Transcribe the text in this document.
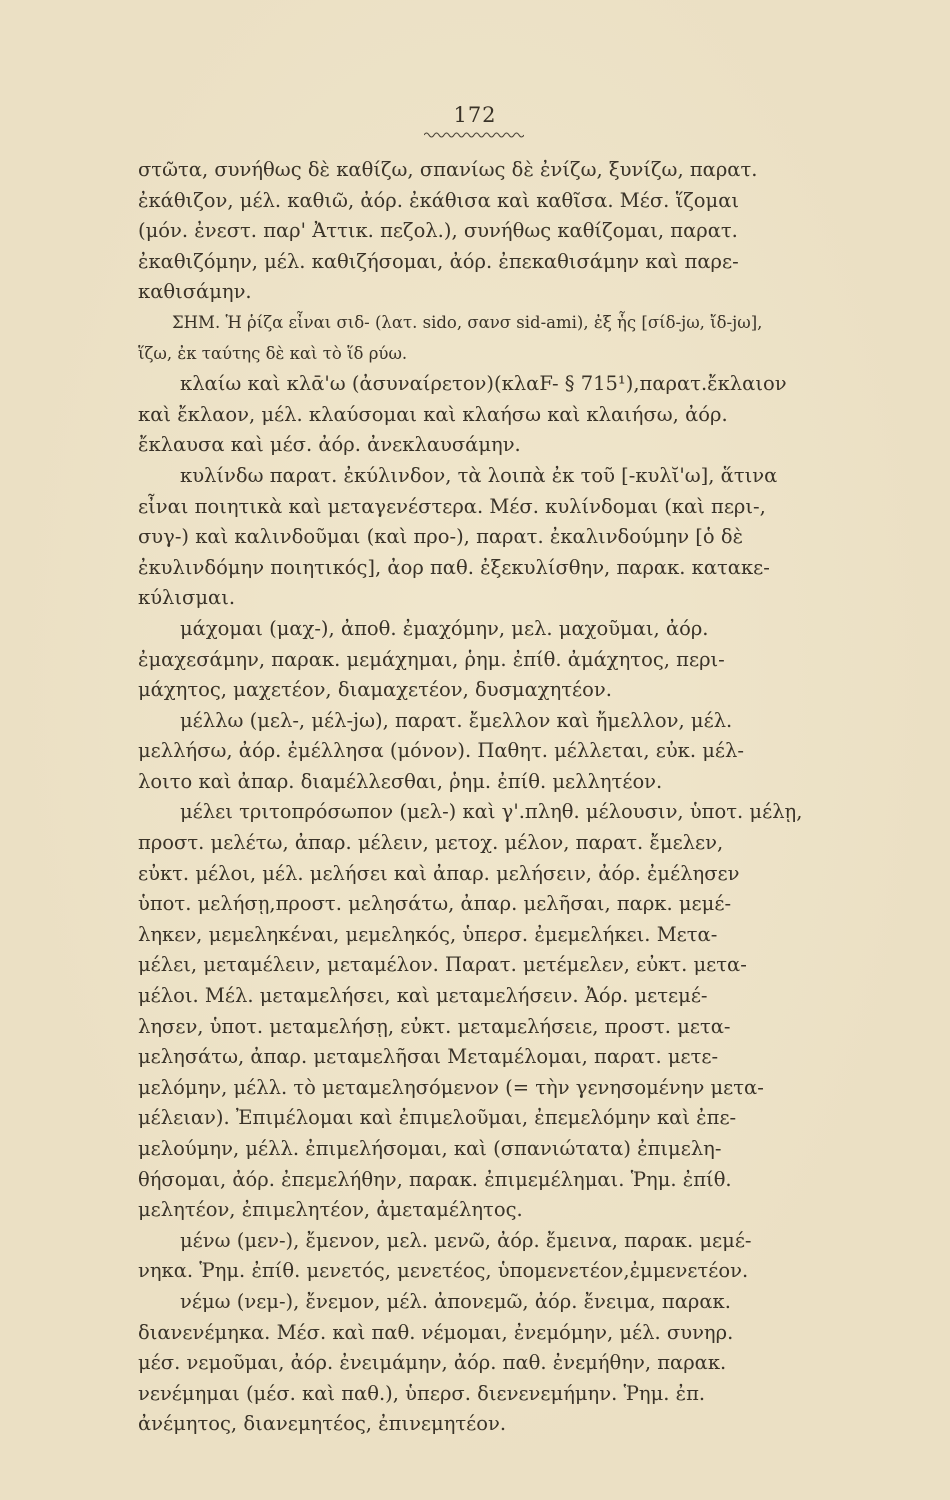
172
στῶτα, συνήθως δὲ καθίζω, σπανίως δὲ ἐνίζω, ξυνίζω, παρατ.
ἐκάθιζον, μέλ. καθιῶ, ἀόρ. ἐκάθισα καὶ καθῖσα. Μέσ. ἵζομαι
(μόν. ἐνεστ. παρ' Ἀττικ. πεζολ.), συνήθως καθίζομαι, παρατ.
ἐκαθιζόμην, μέλ. καθιζήσομαι, ἀόρ. ἐπεκαθισάμην καὶ παρε-
καθισάμην.
ΣΗΜ. Ἡ ῥίζα εἶναι σιδ- (λατ. sido, σανσ sid-ami), ἐξ ἧς [σίδ-jω, ἴδ-jω],
ἵζω, ἐκ ταύτης δὲ καὶ τὸ ἵδ ρύω.
κλαίω καὶ κλᾱ'ω (ἀσυναίρετον)(κλαF- § 715¹),παρατ.ἔκλαιον
καὶ ἔκλαον, μέλ. κλαύσομαι καὶ κλαήσω καὶ κλαιήσω, ἀόρ.
ἔκλαυσα καὶ μέσ. ἀόρ. ἀνεκλαυσάμην.
κυλίνδω παρατ. ἐκύλινδον, τὰ λοιπὰ ἐκ τοῦ [-κυλῐ'ω], ἅτινα
εἶναι ποιητικὰ καὶ μεταγενέστερα. Μέσ. κυλίνδομαι (καὶ περι-,
συγ-) καὶ καλινδοῦμαι (καὶ προ-), παρατ. ἐκαλινδούμην [ὁ δὲ
ἐκυλινδόμην ποιητικός], ἀορ παθ. ἐξεκυλίσθην, παρακ. κατακε-
κύλισμαι.
μάχομαι (μαχ-), ἀποθ. ἐμαχόμην, μελ. μαχοῦμαι, ἀόρ.
ἐμαχεσάμην, παρακ. μεμάχημαι, ῥημ. ἐπίθ. ἀμάχητος, περι-
μάχητος, μαχετέον, διαμαχετέον, δυσμαχητέον.
μέλλω (μελ-, μέλ-jω), παρατ. ἔμελλον καὶ ἤμελλον, μέλ.
μελλήσω, ἀόρ. ἐμέλλησα (μόνον). Παθητ. μέλλεται, εὐκ. μέλ-
λοιτο καὶ ἀπαρ. διαμέλλεσθαι, ῥημ. ἐπίθ. μελλητέον.
μέλει τριτοπρόσωπον (μελ-) καὶ γ'.πληθ. μέλουσιν, ὑποτ. μέλῃ,
προστ. μελέτω, ἀπαρ. μέλειν, μετοχ. μέλον, παρατ. ἔμελεν,
εὐκτ. μέλοι, μέλ. μελήσει καὶ ἀπαρ. μελήσειν, ἀόρ. ἐμέλησεν
ὑποτ. μελήσῃ,προστ. μελησάτω, ἀπαρ. μελῆσαι, παρκ. μεμέ-
ληκεν, μεμεληκέναι, μεμεληκός, ὑπερσ. ἐμεμελήκει. Μετα-
μέλει, μεταμέλειν, μεταμέλον. Παρατ. μετέμελεν, εὐκτ. μετα-
μέλοι. Μέλ. μεταμελήσει, καὶ μεταμελήσειν. Ἀόρ. μετεμέ-
λησεν, ὑποτ. μεταμελήσῃ, εὐκτ. μεταμελήσειε, προστ. μετα-
μελησάτω, ἀπαρ. μεταμελῆσαι Μεταμέλομαι, παρατ. μετε-
μελόμην, μέλλ. τὸ μεταμελησόμενον (= τὴν γενησομένην μετα-
μέλειαν). Ἐπιμέλομαι καὶ ἐπιμελοῦμαι, ἐπεμελόμην καὶ ἐπε-
μελούμην, μέλλ. ἐπιμελήσομαι, καὶ (σπανιώτατα) ἐπιμελη-
θήσομαι, ἀόρ. ἐπεμελήθην, παρακ. ἐπιμεμέλημαι. Ῥημ. ἐπίθ.
μελητέον, ἐπιμελητέον, ἀμεταμέλητος.
μένω (μεν-), ἔμενον, μελ. μενῶ, ἀόρ. ἔμεινα, παρακ. μεμέ-
νηκα. Ῥημ. ἐπίθ. μενετός, μενετέος, ὑπομενετέον,ἐμμενετέον.
νέμω (νεμ-), ἔνεμον, μέλ. ἀπονεμῶ, ἀόρ. ἔνειμα, παρακ.
διανενέμηκα. Μέσ. καὶ παθ. νέμομαι, ἐνεμόμην, μέλ. συνηρ.
μέσ. νεμοῦμαι, ἀόρ. ἐνειμάμην, ἀόρ. παθ. ἐνεμήθην, παρακ.
νενέμημαι (μέσ. καὶ παθ.), ὑπερσ. διενενεμήμην. Ῥημ. ἐπ.
ἀνέμητος, διανεμητέος, ἐπινεμητέον.
